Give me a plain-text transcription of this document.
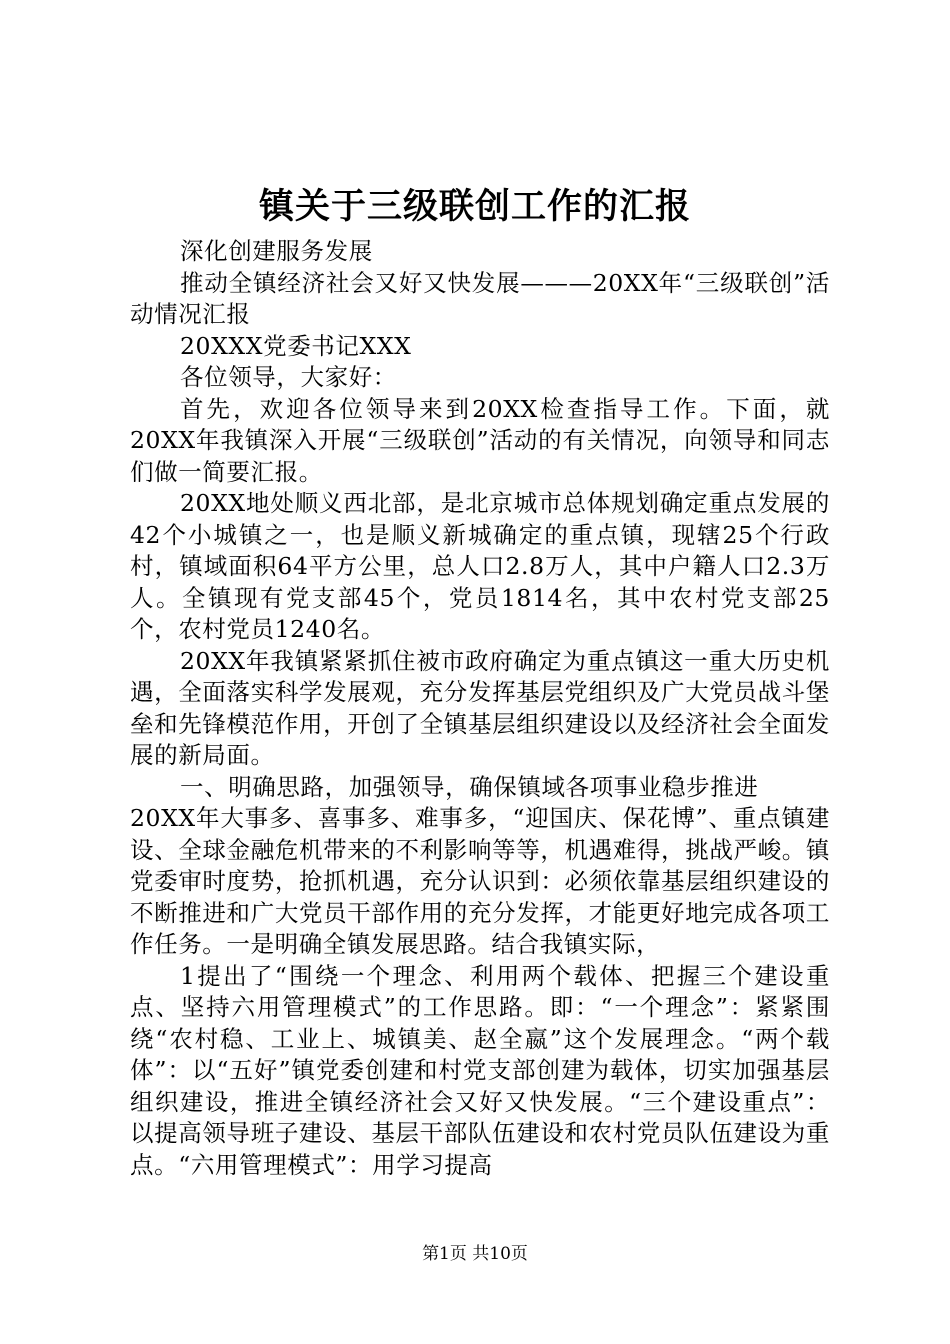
镇关于三级联创工作的汇报

深化创建服务发展

推动全镇经济社会又好又快发展———20XX年“三级联创”活动情况汇报

20XXX党委书记XXX

各位领导，大家好：

首先，欢迎各位领导来到20XX检查指导工作。下面，就20XX年我镇深入开展“三级联创”活动的有关情况，向领导和同志们做一简要汇报。

20XX地处顺义西北部，是北京城市总体规划确定重点发展的42个小城镇之一，也是顺义新城确定的重点镇，现辖25个行政村，镇域面积64平方公里，总人口2.8万人，其中户籍人口2.3万人。全镇现有党支部45个，党员1814名，其中农村党支部25个，农村党员1240名。

20XX年我镇紧紧抓住被市政府确定为重点镇这一重大历史机遇，全面落实科学发展观，充分发挥基层党组织及广大党员战斗堡垒和先锋模范作用，开创了全镇基层组织建设以及经济社会全面发展的新局面。

一、明确思路，加强领导，确保镇域各项事业稳步推进

20XX年大事多、喜事多、难事多，“迎国庆、保花博”、重点镇建设、全球金融危机带来的不利影响等等，机遇难得，挑战严峻。镇党委审时度势，抢抓机遇，充分认识到：必须依靠基层组织建设的不断推进和广大党员干部作用的充分发挥，才能更好地完成各项工作任务。一是明确全镇发展思路。结合我镇实际，

1提出了“围绕一个理念、利用两个载体、把握三个建设重点、坚持六用管理模式”的工作思路。即：“一个理念”：紧紧围绕“农村稳、工业上、城镇美、赵全嬴”这个发展理念。“两个载体”：以“五好”镇党委创建和村党支部创建为载体，切实加强基层组织建设，推进全镇经济社会又好又快发展。“三个建设重点”：以提高领导班子建设、基层干部队伍建设和农村党员队伍建设为重点。“六用管理模式”：用学习提高

第1页 共10页
